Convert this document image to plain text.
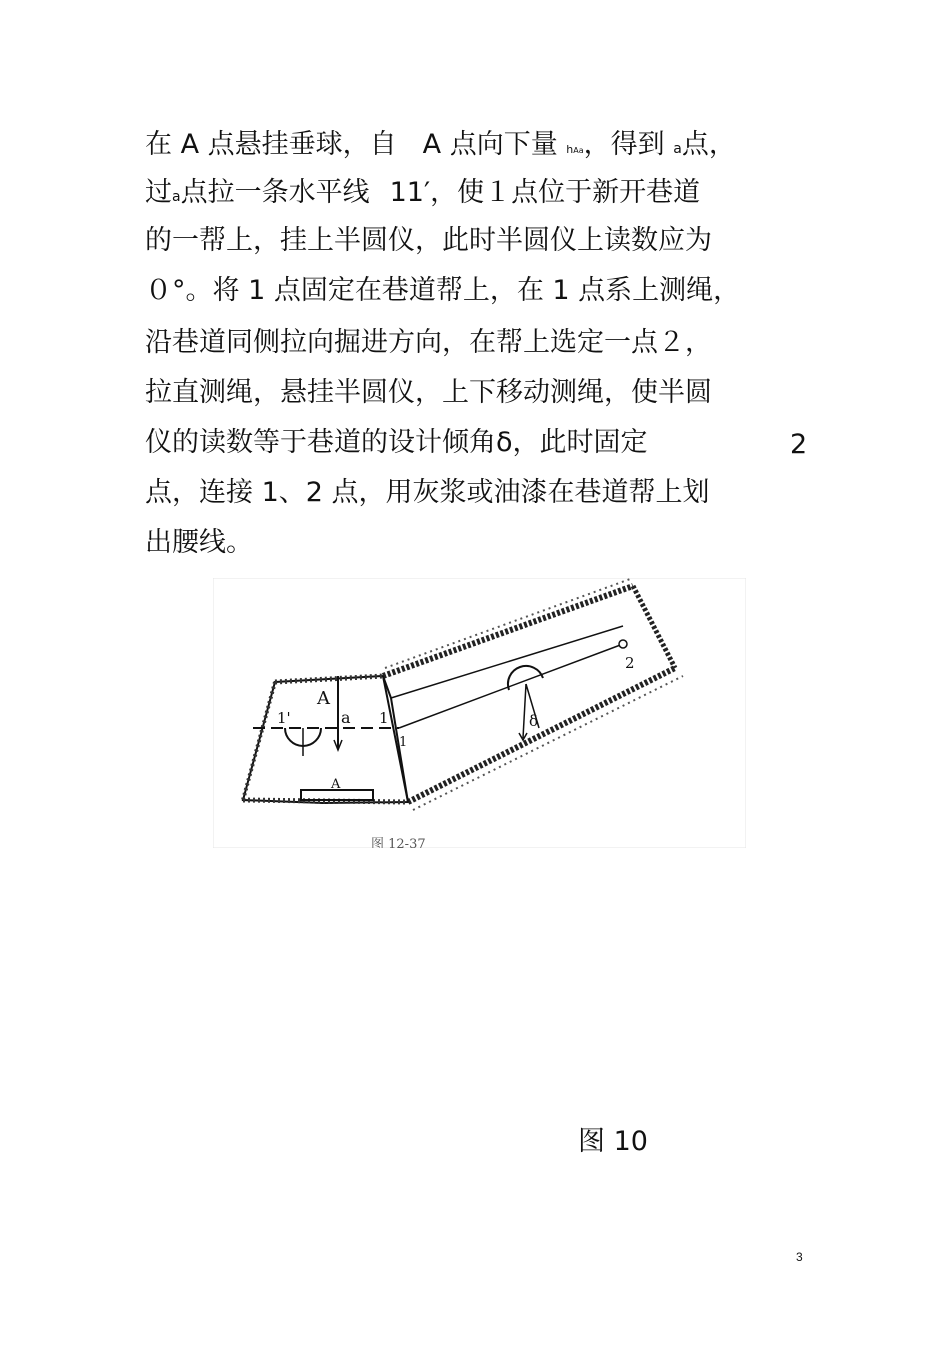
在 A 点悬挂垂球，自 A 点向下量 hAa，得到 a点，
过a点拉一条水平线 11′，使１点位于新开巷道
的一帮上，挂上半圆仪，此时半圆仪上读数应为
０°。将 1 点固定在巷道帮上，在 1 点系上测绳，
沿巷道同侧拉向掘进方向，在帮上选定一点２，
拉直测绳，悬挂半圆仪，上下移动测绳，使半圆
仪的读数等于巷道的设计倾角δ，此时固定
点，连接 1、2 点，用灰浆或油漆在巷道帮上划
出腰线。
2
A
a 1
1'
1
2
δ
A
图 12-37
图 10
3
